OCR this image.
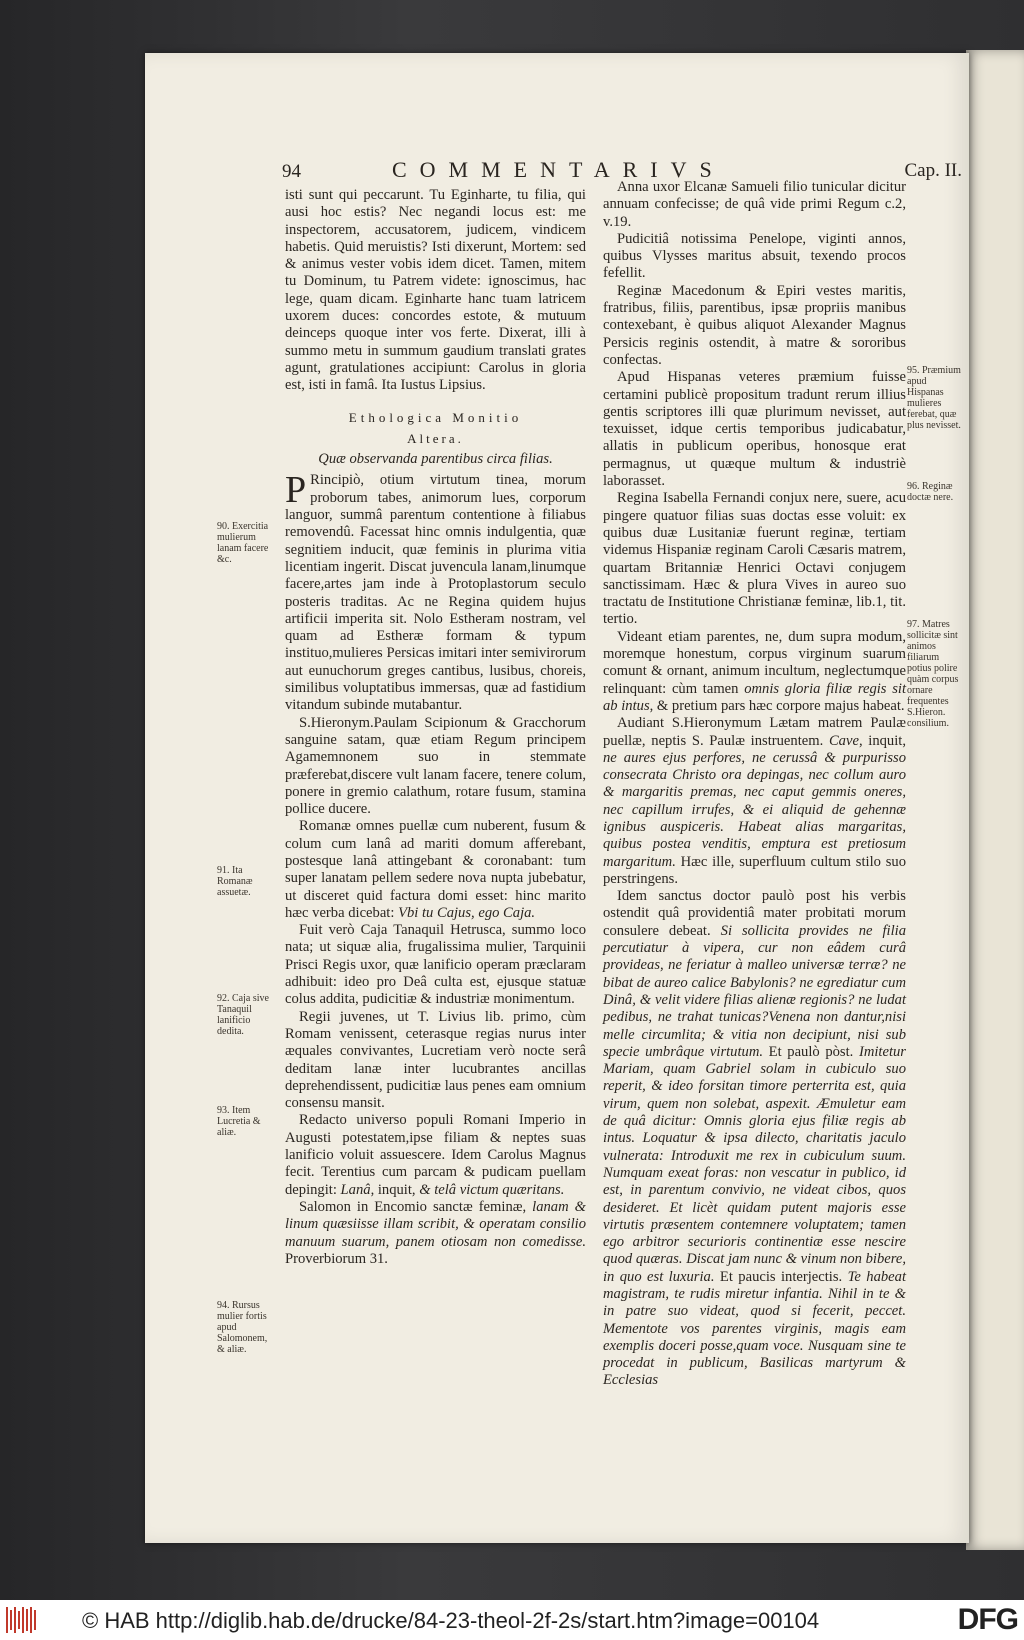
94	COMMENTARIVS	Cap. II.

isti sunt qui peccarunt. Tu Eginharte, tu filia, qui ausi hoc estis? Nec negandi locus est: me inspectorem, accusatorem, judicem, vindicem habetis. Quid meruistis? Isti dixerunt, Mortem: sed & animus vester vobis idem dicet. Tamen, mitem tu Dominum, tu Patrem videte: ignoscimus, hac lege, quam dicam. Eginharte hanc tuam latricem uxorem duces: concordes estote, & mutuum deinceps quoque inter vos ferte. Dixerat, illi à summo metu in summum gaudium translati grates agunt, gratulationes accipiunt: Carolus in gloria est, isti in famâ. Ita Iustus Lipsius.

Ethologica Monitio
Altera.
Quæ observanda parentibus circa filias.

P Rincipiò, otium virtutum tinea, morum proborum tabes, animorum lues, corporum languor, summâ parentum contentione à filiabus removendû. Facessat hinc omnis indulgentia, quæ segnitiem inducit, quæ feminis in plurima vitia licentiam ingerit. Discat juvencula lanam,linumque facere,artes jam inde à Protoplastorum seculo posteris traditas. Ac ne Regina quidem hujus artificii imperita sit. Nolo Estheram nostram, vel quam ad Estheræ formam & typum instituo,mulieres Persicas imitari inter semivirorum aut eunuchorum greges cantibus, lusibus, choreis, similibus voluptatibus immersas, quæ ad fastidium vitandum subinde mutabantur.

S.Hieronym.Paulam Scipionum & Gracchorum sanguine satam, quæ etiam Regum principem Agamemnonem suo in stemmate præferebat,discere vult lanam facere, tenere colum, ponere in gremio calathum, rotare fusum, stamina pollice ducere.

Romanæ omnes puellæ cum nuberent, fusum & colum cum lanâ ad mariti domum afferebant, postesque lanâ attingebant & coronabant: tum super lanatam pellem sedere nova nupta jubebatur, ut disceret quid factura domi esset: hinc marito hæc verba dicebat: Vbi tu Cajus, ego Caja.

Fuit verò Caja Tanaquil Hetrusca, summo loco nata; ut siquæ alia, frugalissima mulier, Tarquinii Prisci Regis uxor, quæ lanificio operam præclaram adhibuit: ideo pro Deâ culta est, ejusque statuæ colus addita, pudicitiæ & industriæ monimentum.

Regii juvenes, ut T. Livius lib. primo, cùm Romam venissent, ceterasque regias nurus inter æquales convivantes, Lucretiam verò nocte serâ deditam lanæ inter lucubrantes ancillas deprehendissent, pudicitiæ laus penes eam omnium consensu mansit.

Redacto universo populi Romani Imperio in Augusti potestatem,ipse filiam & neptes suas lanificio voluit assuescere. Idem Carolus Magnus fecit. Terentius cum parcam & pudicam puellam depingit: Lanâ, inquit, & telâ victum quæritans.

Salomon in Encomio sanctæ feminæ, lanam & linum quæsiisse illam scribit, & operatam consilio manuum suarum, panem otiosam non comedisse. Proverbiorum 31.

Anna uxor Elcanæ Samueli filio tunicular dicitur annuam confecisse; de quâ vide primi Regum c.2, v.19.

Pudicitiâ notissima Penelope, viginti annos, quibus Vlysses maritus absuit, texendo procos fefellit.

Reginæ Macedonum & Epiri vestes maritis, fratribus, filiis, parentibus, ipsæ propriis manibus contexebant, è quibus aliquot Alexander Magnus Persicis reginis ostendit, à matre & sororibus confectas.

Apud Hispanas veteres præmium fuisse certamini publicè propositum tradunt rerum illius gentis scriptores illi quæ plurimum nevisset, aut texuisset, idque certis temporibus judicabatur, allatis in publicum operibus, honosque erat permagnus, ut quæque multum & industriè laborasset.

Regina Isabella Fernandi conjux nere, suere, acu pingere quatuor filias suas doctas esse voluit: ex quibus duæ Lusitaniæ fuerunt reginæ, tertiam videmus Hispaniæ reginam Caroli Cæsaris matrem, quartam Britanniæ Henrici Octavi conjugem sanctissimam. Hæc & plura Vives in aureo suo tractatu de Institutione Christianæ feminæ, lib.1, tit. tertio.

Videant etiam parentes, ne, dum supra modum, moremque honestum, corpus virginum suarum comunt & ornant, animum incultum, neglectumque relinquant: cùm tamen omnis gloria filiæ regis sit ab intus, & pretium pars hæc corpore majus habeat.

Audiant S.Hieronymum Lætam matrem Paulæ puellæ, neptis S. Paulæ instruentem. Cave, inquit, ne aures ejus perfores, ne cerussâ & purpurisso consecrata Christo ora depingas, nec collum auro & margaritis premas, nec caput gemmis oneres, nec capillum irrufes, & ei aliquid de gehennæ ignibus auspiceris. Habeat alias margaritas, quibus postea venditis, emptura est pretiosum margaritum. Hæc ille, superfluum cultum stilo suo perstringens.

Idem sanctus doctor paulò post his verbis ostendit quâ providentiâ mater probitati morum consulere debeat. Si sollicita provides ne filia percutiatur à vipera, cur non eâdem curâ provideas, ne feriatur à malleo universæ terræ? ne bibat de aureo calice Babylonis? ne egrediatur cum Dinâ, & velit videre filias alienæ regionis? ne ludat pedibus, ne trahat tunicas?Venena non dantur,nisi melle circumlita; & vitia non decipiunt, nisi sub specie umbrâque virtutum. Et paulò pòst. Imitetur Mariam, quam Gabriel solam in cubiculo suo reperit, & ideo forsitan timore perterrita est, quia virum, quem non solebat, aspexit. Æmuletur eam de quâ dicitur: Omnis gloria ejus filiæ regis ab intus. Loquatur & ipsa dilecto, charitatis jaculo vulnerata: Introduxit me rex in cubiculum suum. Numquam exeat foras: non vescatur in publico, id est, in parentum convivio, ne videat cibos, quos desideret. Et licèt quidam putent majoris esse virtutis præsentem contemnere voluptatem; tamen ego arbitror securioris continentiæ esse nescire quod quæras. Discat jam nunc & vinum non bibere, in quo est luxuria. Et paucis interjectis. Te habeat magistram, te rudis miretur infantia. Nihil in te & in patre suo videat, quod si fecerit, peccet. Mementote vos parentes virginis, magis eam exemplis doceri posse,quam voce. Nusquam sine te procedat in publicum, Basilicas martyrum & Ecclesias

90. Exercitia mulierum lanam facere &c.
91. Ita Romanæ assuetæ.
92. Caja sive Tanaquil lanificio dedita.
93. Item Lucretia & aliæ.
94. Rursus mulier fortis apud Salomonem, & aliæ.
95. Præmium apud Hispanas mulieres ferebat, quæ plus nevisset.
96. Reginæ doctæ nere.
97. Matres sollicitæ sint animos filiarum potius polire quàm corpus ornare frequentes S.Hieron. consilium.
© HAB http://diglib.hab.de/drucke/84-23-theol-2f-2s/start.htm?image=00104	DFG
